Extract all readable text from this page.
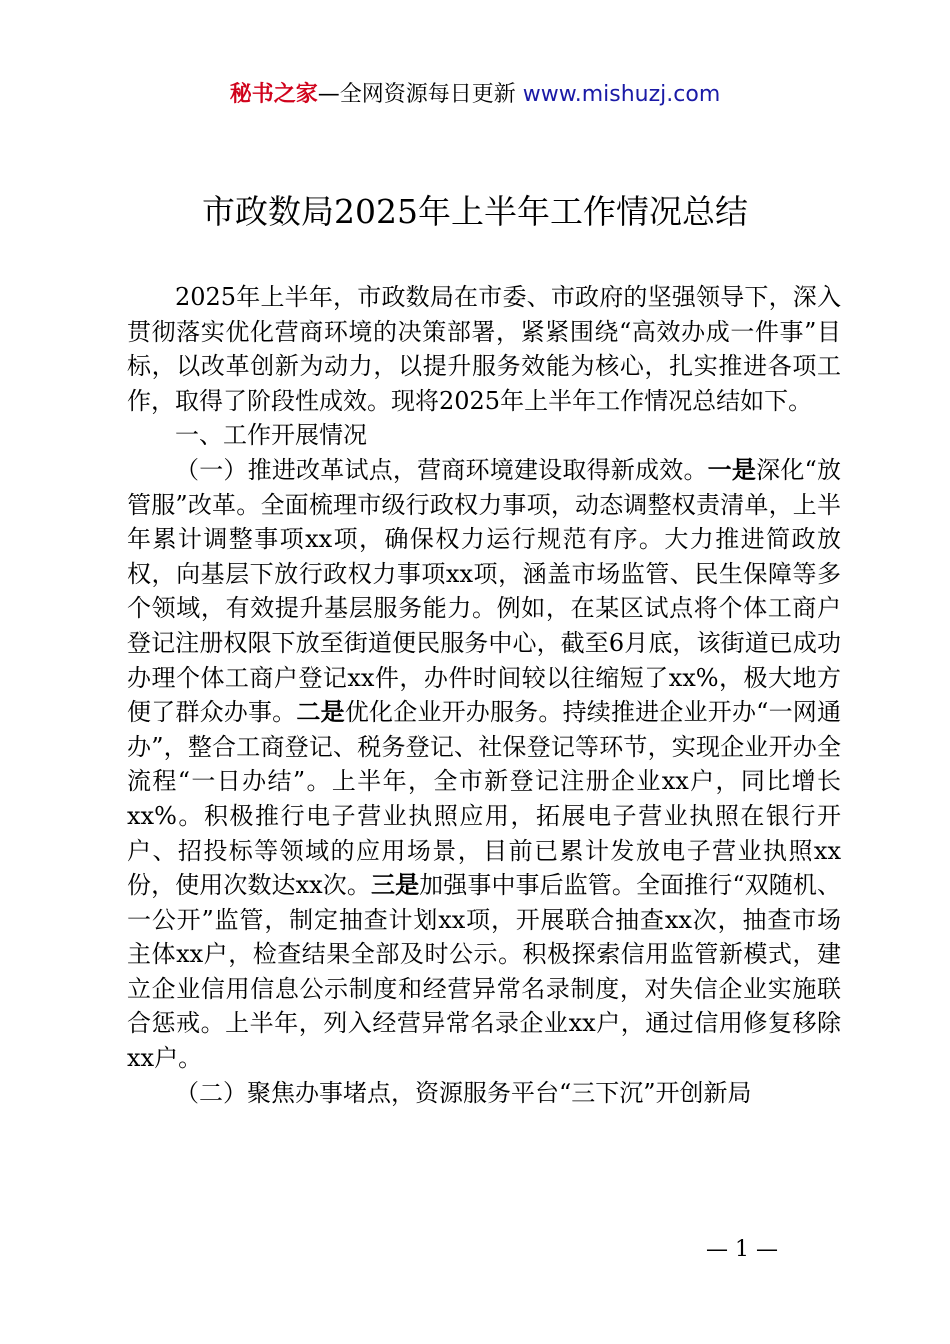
秘书之家—全网资源每日更新 www.mishuzj.com
市政数局2025年上半年工作情况总结

2025年上半年，市政数局在市委、市政府的坚强领导下，深入贯彻落实优化营商环境的决策部署，紧紧围绕“高效办成一件事”目标，以改革创新为动力，以提升服务效能为核心，扎实推进各项工作，取得了阶段性成效。现将2025年上半年工作情况总结如下。

一、工作开展情况

（一）推进改革试点，营商环境建设取得新成效。一是深化“放管服”改革。全面梳理市级行政权力事项，动态调整权责清单，上半年累计调整事项xx项，确保权力运行规范有序。大力推进简政放权，向基层下放行政权力事项xx项，涵盖市场监管、民生保障等多个领域，有效提升基层服务能力。例如，在某区试点将个体工商户登记注册权限下放至街道便民服务中心，截至6月底，该街道已成功办理个体工商户登记xx件，办件时间较以往缩短了xx%，极大地方便了群众办事。二是优化企业开办服务。持续推进企业开办“一网通办”，整合工商登记、税务登记、社保登记等环节，实现企业开办全流程“一日办结”。上半年，全市新登记注册企业xx户，同比增长xx%。积极推行电子营业执照应用，拓展电子营业执照在银行开户、招投标等领域的应用场景，目前已累计发放电子营业执照xx份，使用次数达xx次。三是加强事中事后监管。全面推行“双随机、一公开”监管，制定抽查计划xx项，开展联合抽查xx次，抽查市场主体xx户，检查结果全部及时公示。积极探索信用监管新模式，建立企业信用信息公示制度和经营异常名录制度，对失信企业实施联合惩戒。上半年，列入经营异常名录企业xx户，通过信用修复移除xx户。

（二）聚焦办事堵点，资源服务平台“三下沉”开创新局

— 1 —
